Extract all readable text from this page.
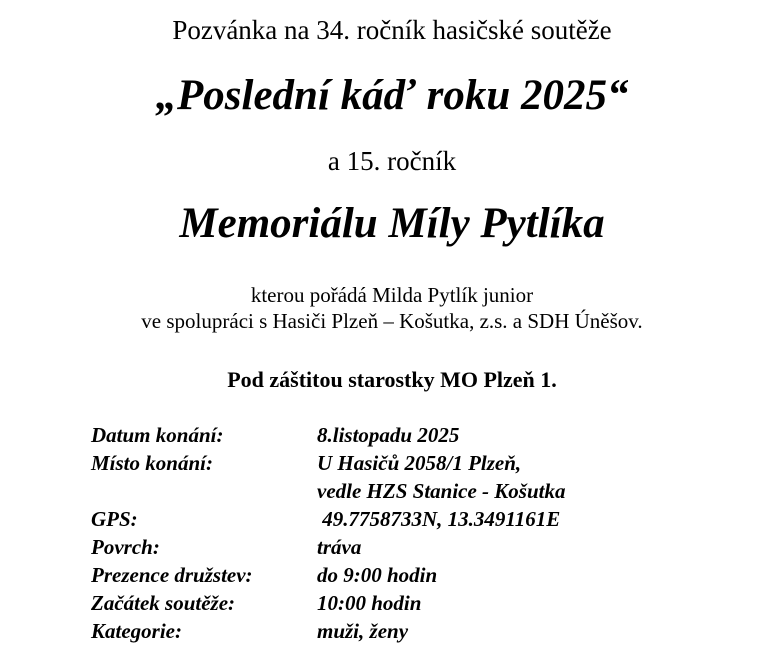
Pozvánka na 34. ročník hasičské soutěže
„Poslední káď roku 2025“
a 15. ročník
Memoriálu Míly Pytlíka
kterou pořádá Milda Pytlík junior
ve spolupráci s Hasiči Plzeň – Košutka, z.s. a SDH Úněšov.
Pod záštitou starostky MO Plzeň 1.
Datum konání:	8.listopadu 2025
Místo konání:	U Hasičů 2058/1 Plzeň,
vedle HZS Stanice - Košutka
GPS:	49.7758733N, 13.3491161E
Povrch:	tráva
Prezence družstev:	do 9:00 hodin
Začátek soutěže:	10:00 hodin
Kategorie:	muži, ženy
